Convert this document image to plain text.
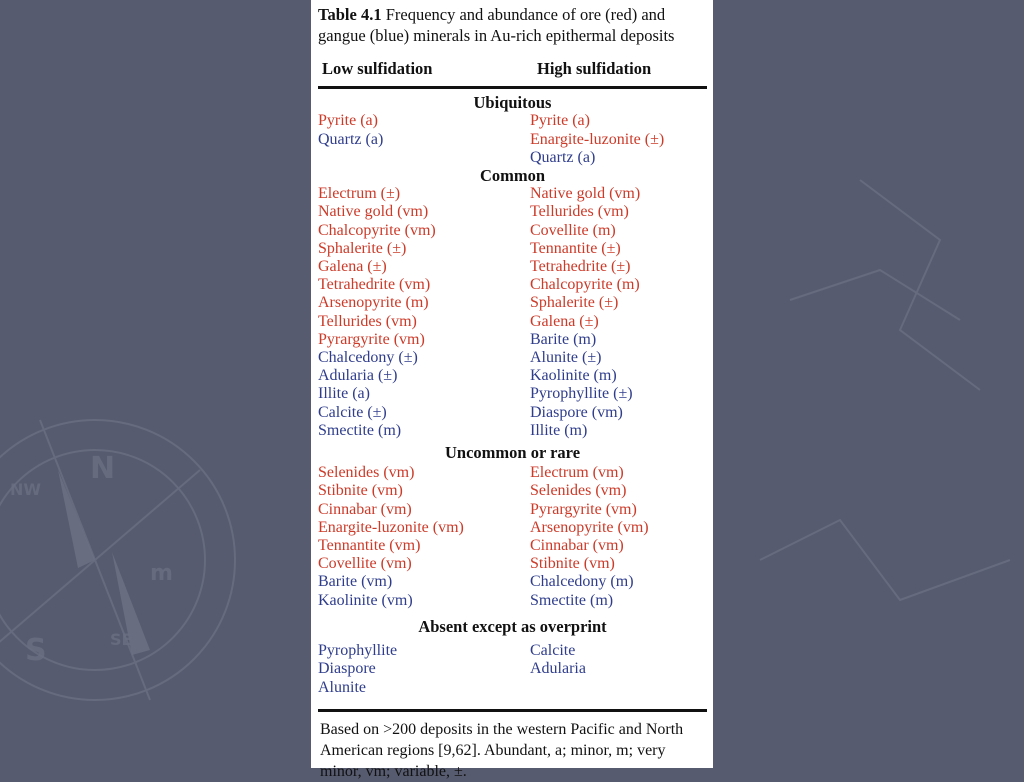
N
S
m
SE
NW
Table 4.1 Frequency and abundance of ore (red) and gangue (blue) minerals in Au-rich epithermal deposits
Low sulfidation	High sulfidation
Ubiquitous
Pyrite (a)
Quartz (a)
Pyrite (a)
Enargite-luzonite (±)
Quartz (a)
Common
Electrum (±)
Native gold (vm)
Chalcopyrite (vm)
Sphalerite (±)
Galena (±)
Tetrahedrite (vm)
Arsenopyrite (m)
Tellurides (vm)
Pyrargyrite (vm)
Chalcedony (±)
Adularia (±)
Illite (a)
Calcite (±)
Smectite (m)
Native gold (vm)
Tellurides (vm)
Covellite (m)
Tennantite (±)
Tetrahedrite (±)
Chalcopyrite (m)
Sphalerite (±)
Galena (±)
Barite (m)
Alunite (±)
Kaolinite (m)
Pyrophyllite (±)
Diaspore (vm)
Illite (m)
Uncommon or rare
Selenides (vm)
Stibnite (vm)
Cinnabar (vm)
Enargite-luzonite (vm)
Tennantite (vm)
Covellite (vm)
Barite (vm)
Kaolinite (vm)
Electrum (vm)
Selenides (vm)
Pyrargyrite (vm)
Arsenopyrite (vm)
Cinnabar (vm)
Stibnite (vm)
Chalcedony (m)
Smectite (m)
Absent except as overprint
Pyrophyllite
Diaspore
Alunite
Calcite
Adularia
Based on >200 deposits in the western Pacific and North American regions [9,62]. Abundant, a; minor, m; very minor, vm; variable, ±.
